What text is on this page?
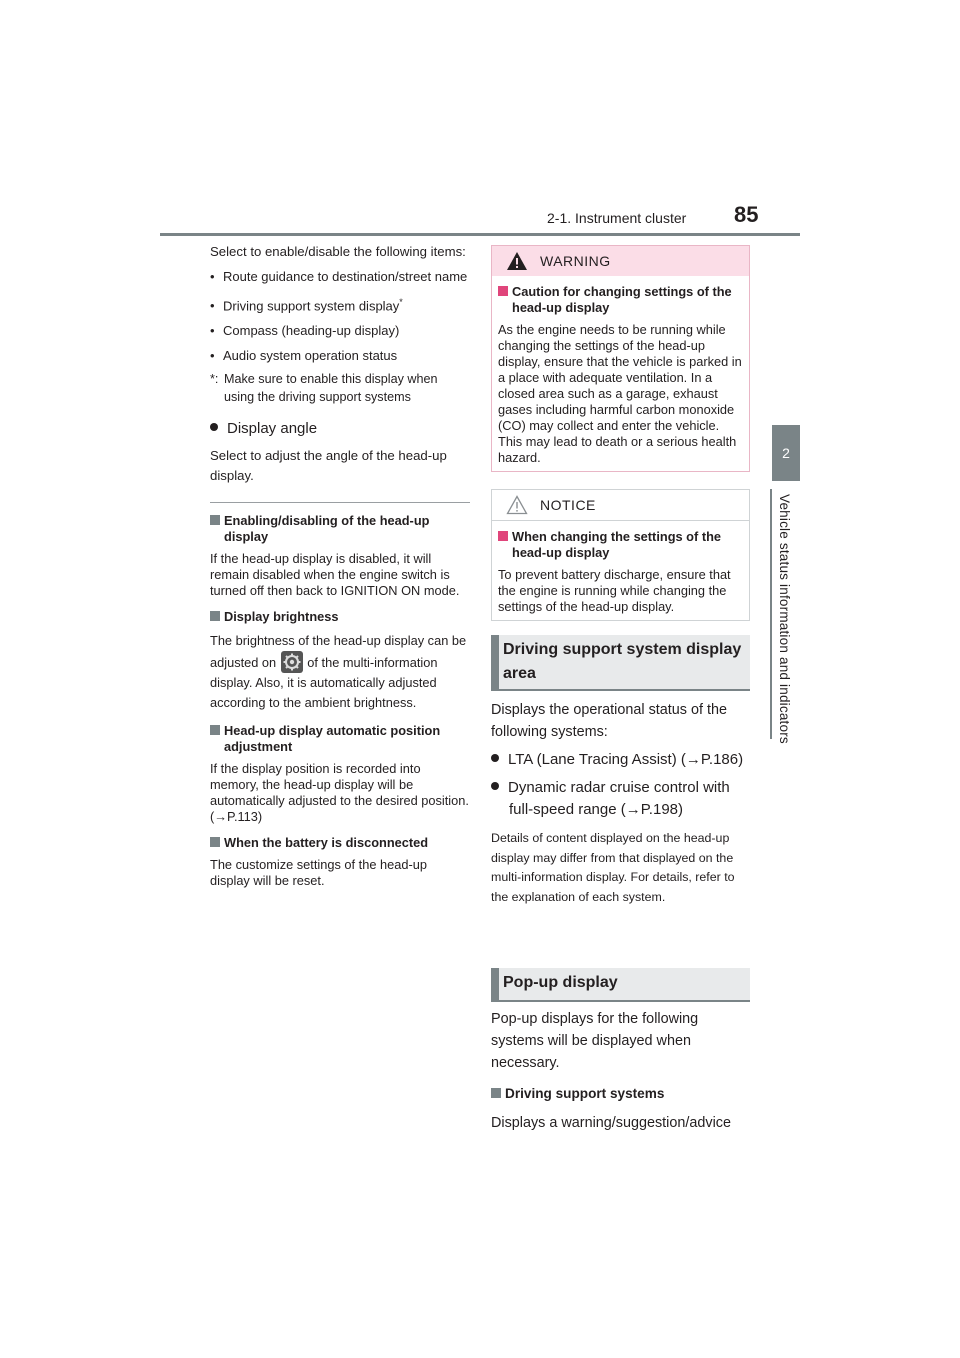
2-1. Instrument cluster 85
2
Vehicle status information and indicators

Select to enable/disable the following items:

• Route guidance to destination/street name

• Driving support system display*

• Compass (heading-up display)

• Audio system operation status

*: Make sure to enable this display when using the driving support systems

Display angle

Select to adjust the angle of the head-up display.

Enabling/disabling of the head-up display

If the head-up display is disabled, it will remain disabled when the engine switch is turned off then back to IGNITION ON mode.

Display brightness

The brightness of the head-up display can be adjusted on of the multi-information display. Also, it is automatically adjusted according to the ambient brightness.

Head-up display automatic position adjustment

If the display position is recorded into memory, the head-up display will be automatically adjusted to the desired position. (→P.113)

When the battery is disconnected

The customize settings of the head-up display will be reset.

WARNING

Caution for changing settings of the head-up display

As the engine needs to be running while changing the settings of the head-up display, ensure that the vehicle is parked in a place with adequate ventilation. In a closed area such as a garage, exhaust gases including harmful carbon monoxide (CO) may collect and enter the vehicle. This may lead to death or a serious health hazard.

NOTICE

When changing the settings of the head-up display

To prevent battery discharge, ensure that the engine is running while changing the settings of the head-up display.

Driving support system display area

Displays the operational status of the following systems:

LTA (Lane Tracing Assist) (→P.186)

Dynamic radar cruise control with full-speed range (→P.198)

Details of content displayed on the head-up display may differ from that displayed on the multi-information display. For details, refer to the explanation of each system.

Pop-up display

Pop-up displays for the following systems will be displayed when necessary.

Driving support systems

Displays a warning/suggestion/advice
